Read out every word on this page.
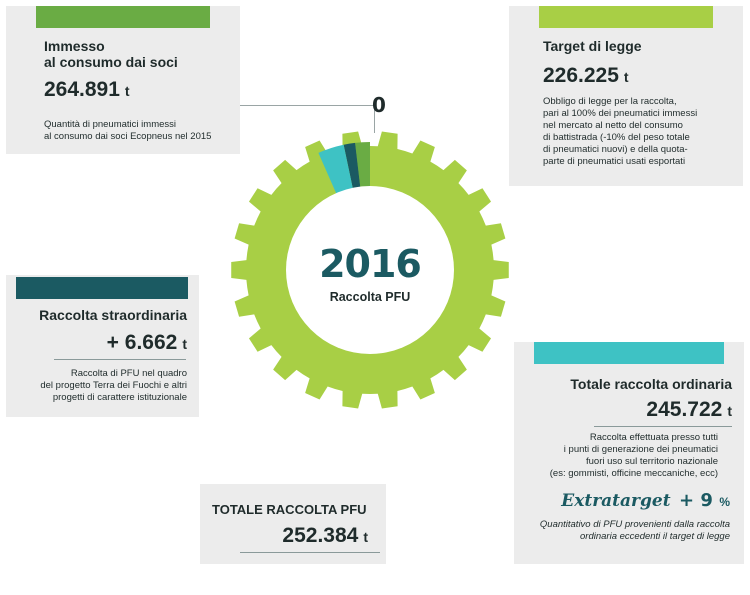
2016
Raccolta PFU
0
Immesso
al consumo dai soci
264.891 t
Quantità di pneumatici immessi
al consumo dai soci Ecopneus nel 2015
Target di legge
226.225 t
Obbligo di legge per la raccolta,
pari al 100% dei pneumatici immessi
nel mercato al netto del consumo
di battistrada (-10% del peso totale
di pneumatici nuovi) e della quota-
parte di pneumatici usati esportati
Raccolta straordinaria
+ 6.662 t
Raccolta di PFU nel quadro
del progetto Terra dei Fuochi e altri
progetti di carattere istituzionale
Totale raccolta ordinaria
245.722 t
Raccolta effettuata presso tutti
i punti di generazione dei pneumatici
fuori uso sul territorio nazionale
(es: gommisti, officine meccaniche, ecc)
Extratarget + 9 %
Quantitativo di PFU provenienti dalla raccolta
ordinaria eccedenti il target di legge
TOTALE RACCOLTA PFU
252.384 t
